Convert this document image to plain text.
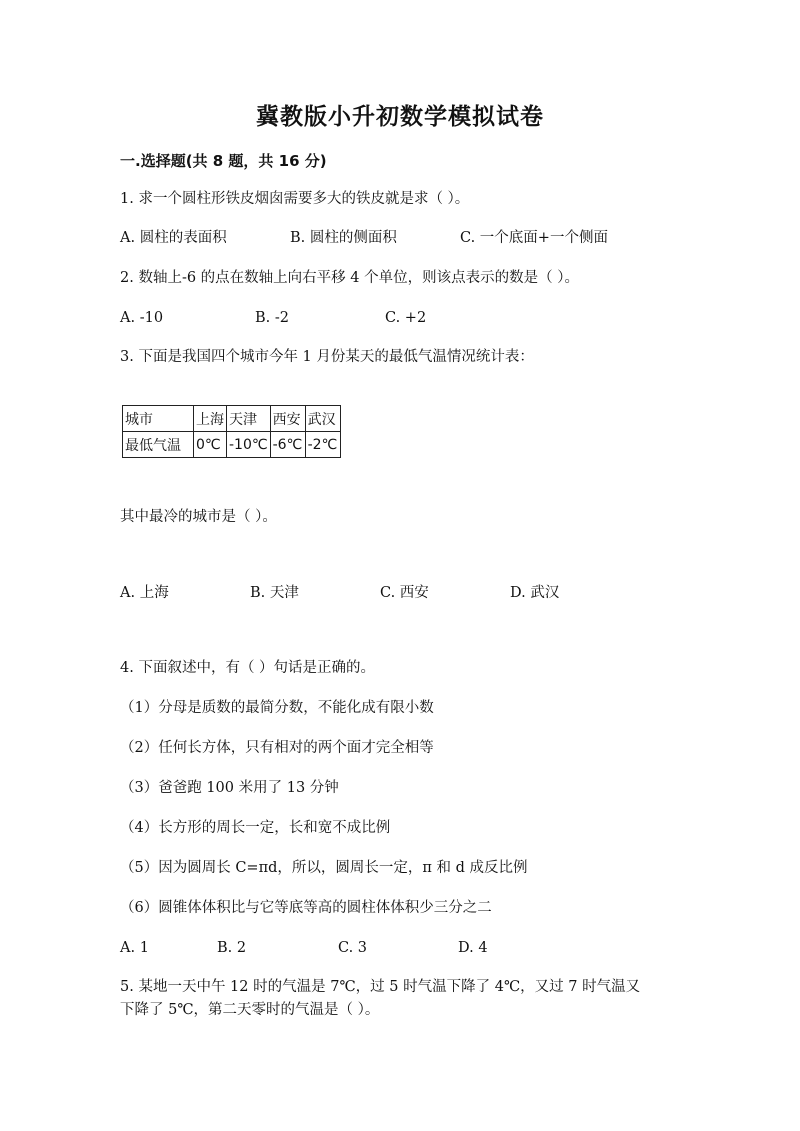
冀教版小升初数学模拟试卷
一.选择题(共 8 题，共 16 分)
1. 求一个圆柱形铁皮烟囱需要多大的铁皮就是求（ ）。
A. 圆柱的表面积	B. 圆柱的侧面积	C. 一个底面+一个侧面
2. 数轴上-6 的点在数轴上向右平移 4 个单位，则该点表示的数是（ ）。
A. -10	B. -2	C. +2
3. 下面是我国四个城市今年 1 月份某天的最低气温情况统计表：
城市	上海	天津	西安	武汉
最低气温	0℃	-10℃	-6℃	-2℃
其中最冷的城市是（ ）。
A. 上海	B. 天津	C. 西安	D. 武汉
4. 下面叙述中，有（ ）句话是正确的。
（1）分母是质数的最简分数，不能化成有限小数
（2）任何长方体，只有相对的两个面才完全相等
（3）爸爸跑 100 米用了 13 分钟
（4）长方形的周长一定，长和宽不成比例
（5）因为圆周长 C=πd，所以，圆周长一定，π 和 d 成反比例
（6）圆锥体体积比与它等底等高的圆柱体体积少三分之二
A. 1	B. 2	C. 3	D. 4
5. 某地一天中午 12 时的气温是 7℃，过 5 时气温下降了 4℃，又过 7 时气温又
下降了 5℃，第二天零时的气温是（ ）。
